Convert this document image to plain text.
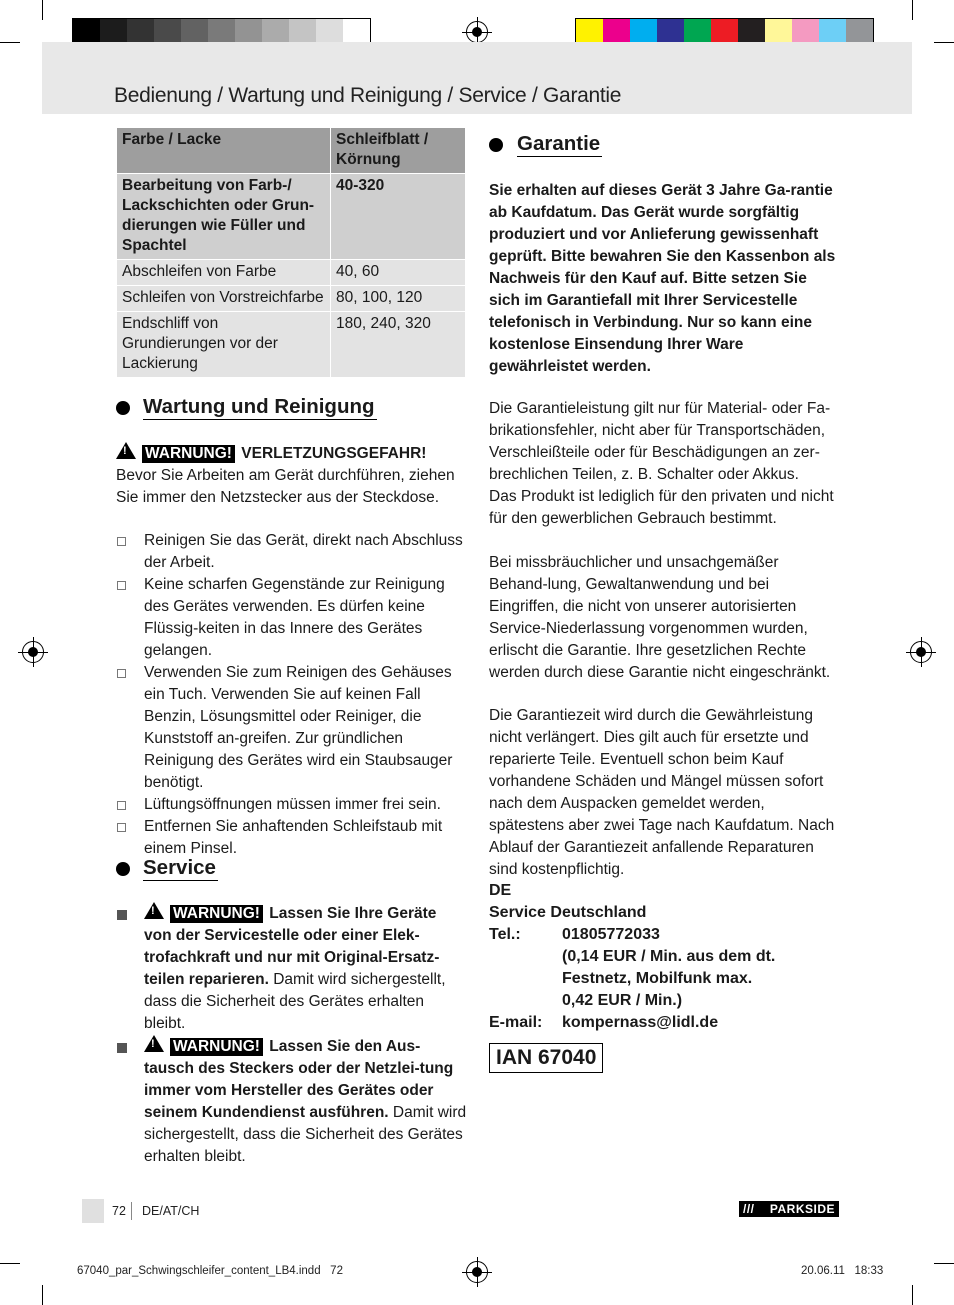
Bedienung / Wartung und Reinigung / Service / Garantie
Farbe / Lacke	Schleifblatt / Körnung
Bearbeitung von Farb-/ Lackschichten oder Grun-dierungen wie Füller und Spachtel	40-320
Abschleifen von Farbe	40, 60
Schleifen von Vorstreichfarbe	80, 100, 120
Endschliff von Grundierungen vor der Lackierung	180, 240, 320
Wartung und Reinigung
!WARNUNG! VERLETZUNGSGEFAHR!
Bevor Sie Arbeiten am Gerät durchführen, ziehen Sie immer den Netzstecker aus der Steckdose.
Reinigen Sie das Gerät, direkt nach Abschluss der Arbeit.
Keine scharfen Gegenstände zur Reinigung des Gerätes verwenden. Es dürfen keine Flüssig-keiten in das Innere des Gerätes gelangen.
Verwenden Sie zum Reinigen des Gehäuses ein Tuch. Verwenden Sie auf keinen Fall Benzin, Lösungsmittel oder Reiniger, die Kunststoff an-greifen. Zur gründlichen Reinigung des Gerätes wird ein Staubsauger benötigt.
Lüftungsöffnungen müssen immer frei sein.
Entfernen Sie anhaftenden Schleifstaub mit einem Pinsel.
Service
!WARNUNG! Lassen Sie Ihre Geräte von der Servicestelle oder einer Elek-trofachkraft und nur mit Original-Ersatz-teilen reparieren. Damit wird sichergestellt, dass die Sicherheit des Gerätes erhalten bleibt.
!WARNUNG! Lassen Sie den Aus-tausch des Steckers oder der Netzlei-tung immer vom Hersteller des Gerätes oder seinem Kundendienst ausführen. Damit wird sichergestellt, dass die Sicherheit des Gerätes erhalten bleibt.
Garantie
Sie erhalten auf dieses Gerät 3 Jahre Ga-rantie ab Kaufdatum. Das Gerät wurde sorgfältig produziert und vor Anlieferung gewissenhaft geprüft. Bitte bewahren Sie den Kassenbon als Nachweis für den Kauf auf. Bitte setzen Sie sich im Garantiefall mit Ihrer Servicestelle telefonisch in Verbindung. Nur so kann eine kostenlose Einsendung Ihrer Ware gewährleistet werden.
Die Garantieleistung gilt nur für Material- oder Fa-brikationsfehler, nicht aber für Transportschäden, Verschleißteile oder für Beschädigungen an zer-brechlichen Teilen, z. B. Schalter oder Akkus.
Das Produkt ist lediglich für den privaten und nicht für den gewerblichen Gebrauch bestimmt.
Bei missbräuchlicher und unsachgemäßer Behand-lung, Gewaltanwendung und bei Eingriffen, die nicht von unserer autorisierten Service-Niederlassung vorgenommen wurden, erlischt die Garantie. Ihre gesetzlichen Rechte werden durch diese Garantie nicht eingeschränkt.
Die Garantiezeit wird durch die Gewährleistung nicht verlängert. Dies gilt auch für ersetzte und reparierte Teile. Eventuell schon beim Kauf vorhandene Schäden und Mängel müssen sofort nach dem Auspacken gemeldet werden, spätestens aber zwei Tage nach Kaufdatum. Nach Ablauf der Garantiezeit anfallende Reparaturen sind kostenpflichtig.
DE
Service Deutschland
Tel.:	01805772033
(0,14 EUR / Min. aus dem dt.
Festnetz, Mobilfunk max.
0,42 EUR / Min.)
E-mail:	kompernass@lidl.de
IAN 67040
72 DE/AT/CH	/// PARKSIDE
67040_par_Schwingschleifer_content_LB4.indd   72	20.06.11   18:33
